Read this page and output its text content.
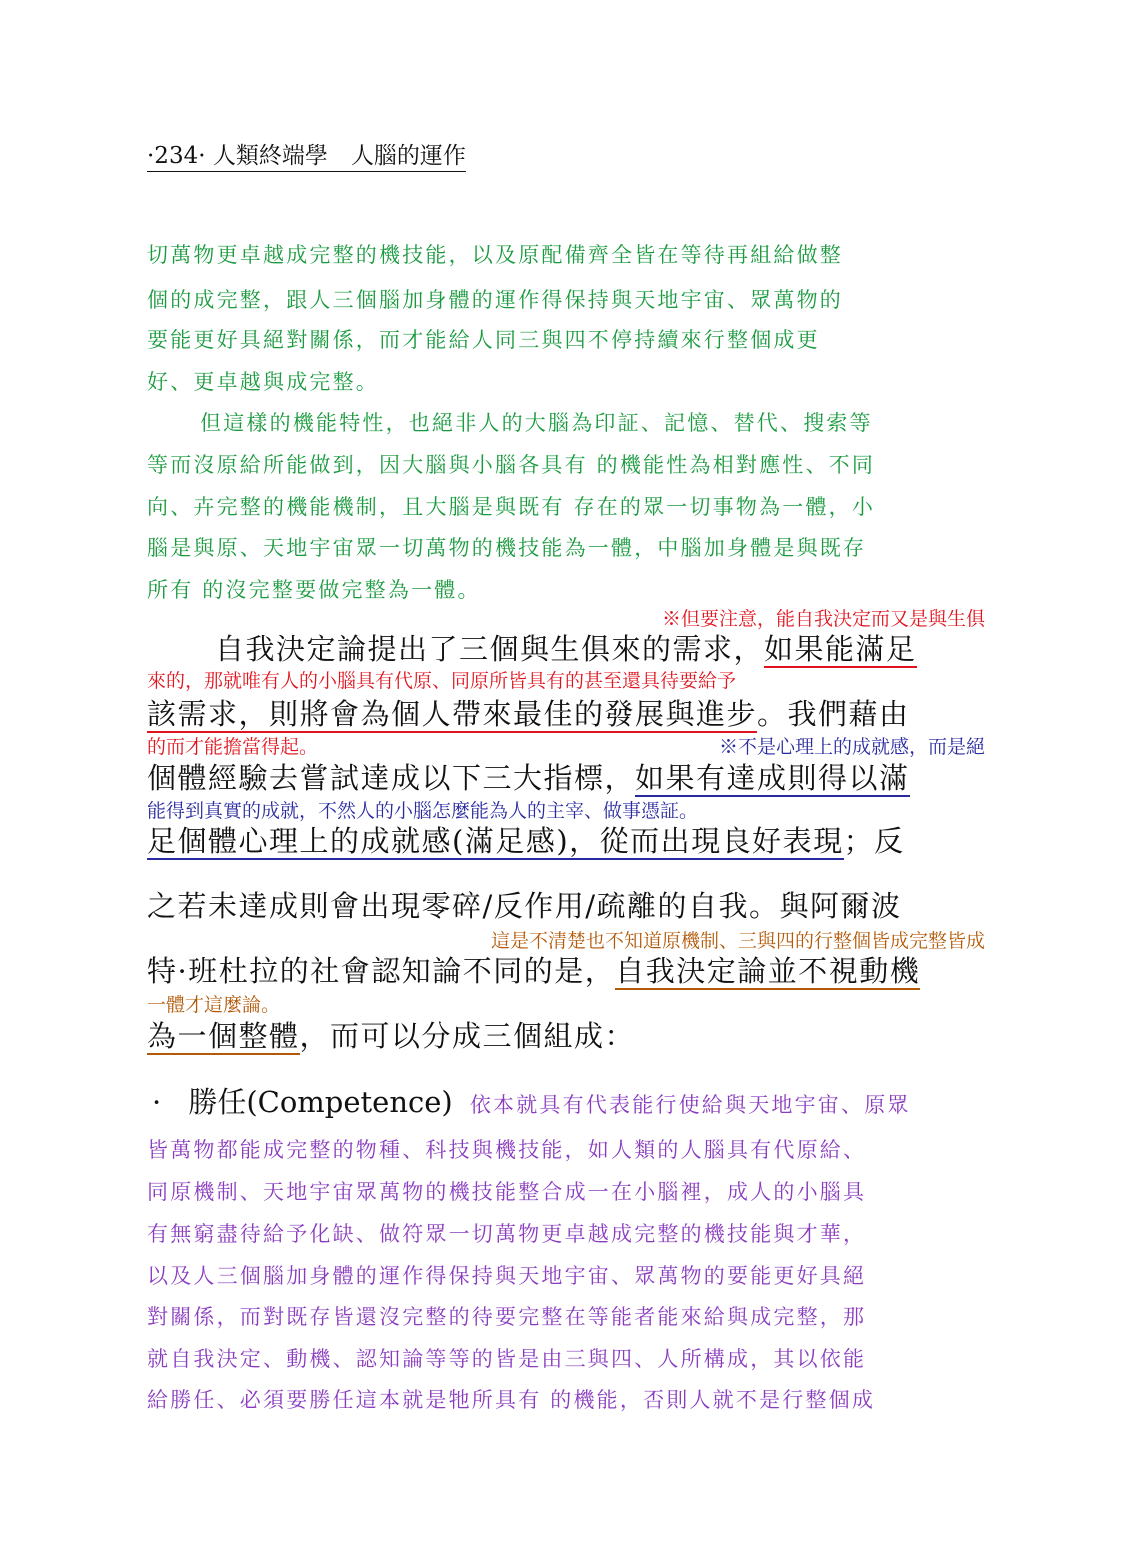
·234· 人類終端學　人腦的運作
切萬物更卓越成完整的機技能，以及原配備齊全皆在等待再組給做整
個的成完整，跟人三個腦加身體的運作得保持與天地宇宙、眾萬物的
要能更好具絕對關係，而才能給人同三與四不停持續來行整個成更
好、更卓越與成完整。
但這樣的機能特性，也絕非人的大腦為印証、記憶、替代、搜索等
等而沒原給所能做到，因大腦與小腦各具有 的機能性為相對應性、不同
向、卉完整的機能機制，且大腦是與既有 存在的眾一切事物為一體，小
腦是與原、天地宇宙眾一切萬物的機技能為一體，中腦加身體是與既存
所有 的沒完整要做完整為一體。
※但要注意，能自我決定而又是與生俱
自我決定論提出了三個與生俱來的需求，如果能滿足
來的，那就唯有人的小腦具有代原、同原所皆具有的甚至還具待要給予
該需求，則將會為個人帶來最佳的發展與進步。我們藉由
的而才能擔當得起。	※不是心理上的成就感，而是絕
個體經驗去嘗試達成以下三大指標，如果有達成則得以滿
能得到真實的成就，不然人的小腦怎麼能為人的主宰、做事憑証。
足個體心理上的成就感(滿足感)，從而出現良好表現；反
之若未達成則會出現零碎/反作用/疏離的自我。與阿爾波
這是不清楚也不知道原機制、三與四的行整個皆成完整皆成
特·班杜拉的社會認知論不同的是，自我決定論並不視動機
一體才這麼論。
為一個整體，而可以分成三個組成：
· 勝任(Competence) 依本就具有代表能行使給與天地宇宙、原眾
皆萬物都能成完整的物種、科技與機技能，如人類的人腦具有代原給、
同原機制、天地宇宙眾萬物的機技能整合成一在小腦裡，成人的小腦具
有無窮盡待給予化缺、做符眾一切萬物更卓越成完整的機技能與才華，
以及人三個腦加身體的運作得保持與天地宇宙、眾萬物的要能更好具絕
對關係，而對既存皆還沒完整的待要完整在等能者能來給與成完整，那
就自我決定、動機、認知論等等的皆是由三與四、人所構成，其以依能
給勝任、必須要勝任這本就是牠所具有 的機能，否則人就不是行整個成
